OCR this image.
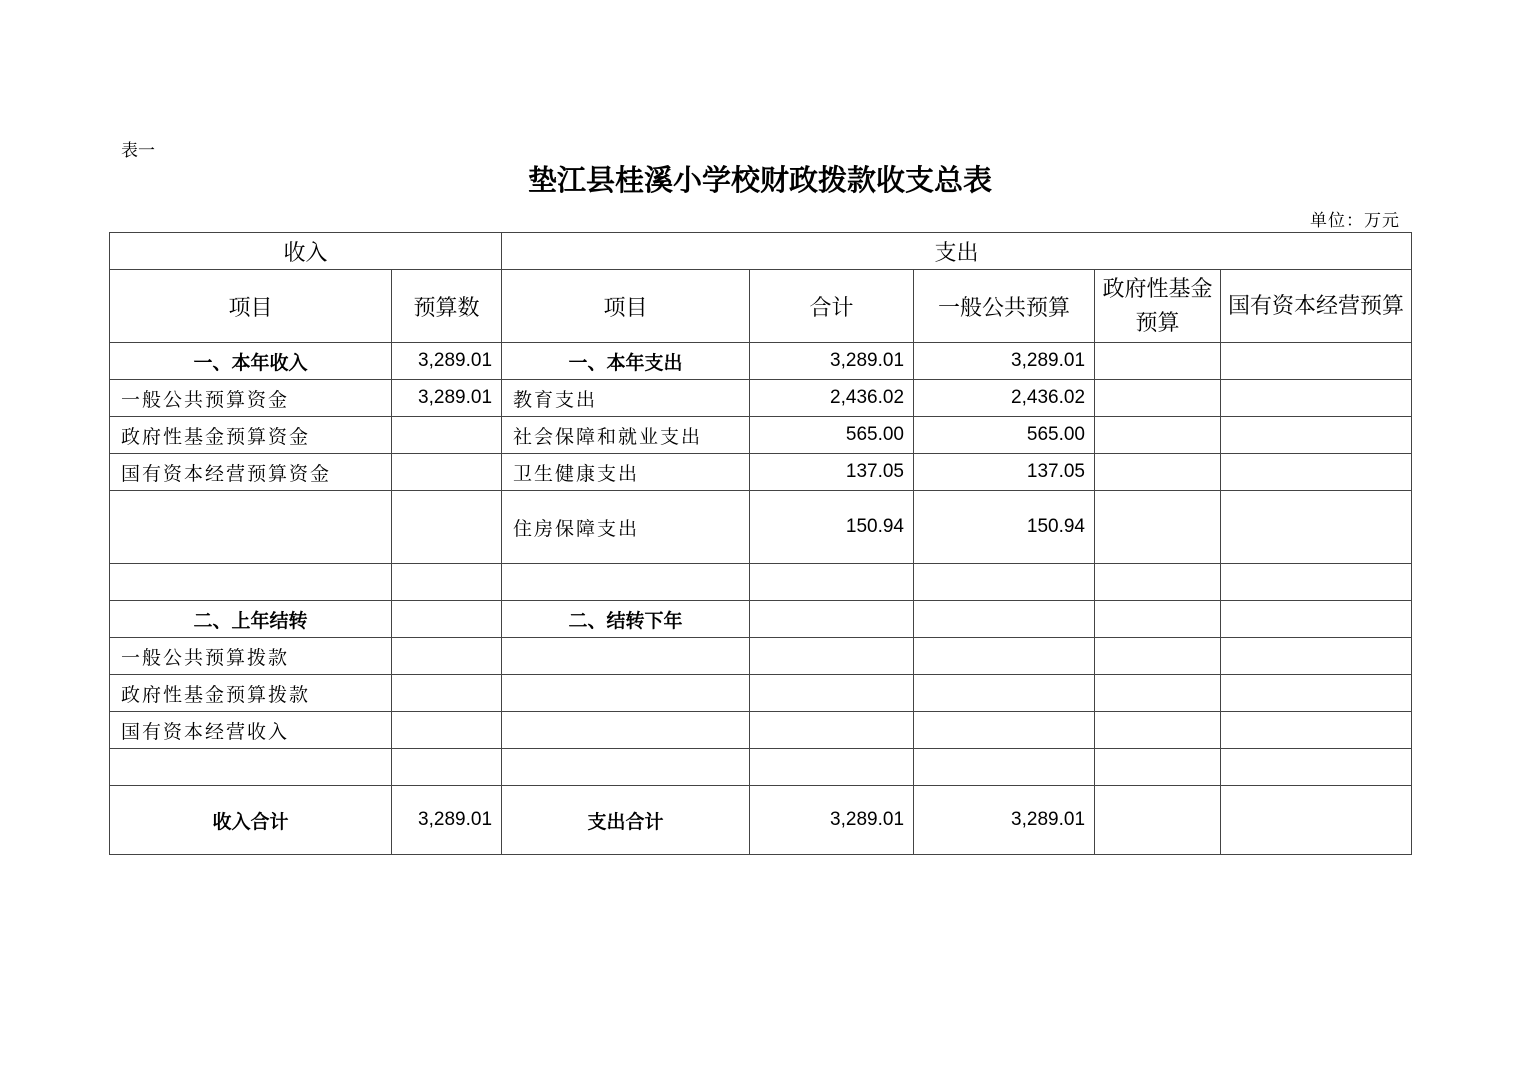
表一
垫江县桂溪小学校财政拨款收支总表
单位：万元
收入		支出				
项目	预算数	项目	合计	一般公共预算	政府性基金预算	国有资本经营预算
一、本年收入	3,289.01	一、本年支出	3,289.01	3,289.01		
一般公共预算资金	3,289.01	教育支出	2,436.02	2,436.02		
政府性基金预算资金		社会保障和就业支出	565.00	565.00		
国有资本经营预算资金		卫生健康支出	137.05	137.05		
		住房保障支出	150.94	150.94		

二、上年结转		二、结转下年				
一般公共预算拨款						
政府性基金预算拨款						
国有资本经营收入						

收入合计	3,289.01	支出合计	3,289.01	3,289.01		
